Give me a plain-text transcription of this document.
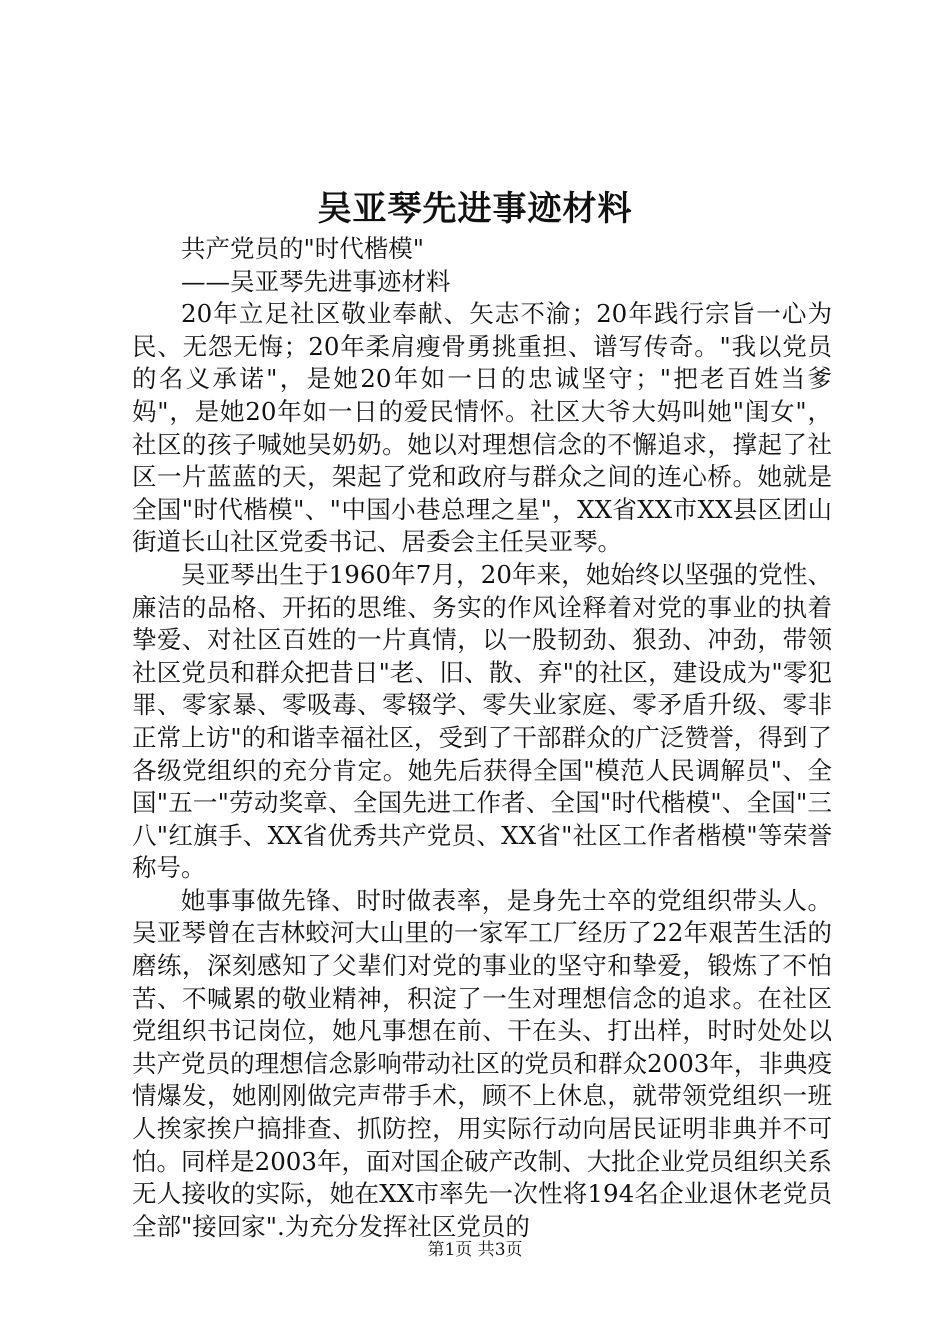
吴亚琴先进事迹材料

共产党员的"时代楷模"

——吴亚琴先进事迹材料

20年立足社区敬业奉献、矢志不渝；20年践行宗旨一心为民、无怨无悔；20年柔肩瘦骨勇挑重担、谱写传奇。"我以党员的名义承诺"，是她20年如一日的忠诚坚守；"把老百姓当爹妈"，是她20年如一日的爱民情怀。社区大爷大妈叫她"闺女"，社区的孩子喊她吴奶奶。她以对理想信念的不懈追求，撑起了社区一片蓝蓝的天，架起了党和政府与群众之间的连心桥。她就是全国"时代楷模"、"中国小巷总理之星"，XX省XX市XX县区团山街道长山社区党委书记、居委会主任吴亚琴。

吴亚琴出生于1960年7月，20年来，她始终以坚强的党性、廉洁的品格、开拓的思维、务实的作风诠释着对党的事业的执着挚爱、对社区百姓的一片真情，以一股韧劲、狠劲、冲劲，带领社区党员和群众把昔日"老、旧、散、弃"的社区，建设成为"零犯罪、零家暴、零吸毒、零辍学、零失业家庭、零矛盾升级、零非正常上访"的和谐幸福社区，受到了干部群众的广泛赞誉，得到了各级党组织的充分肯定。她先后获得全国"模范人民调解员"、全国"五一"劳动奖章、全国先进工作者、全国"时代楷模"、全国"三八"红旗手、XX省优秀共产党员、XX省"社区工作者楷模"等荣誉称号。

她事事做先锋、时时做表率，是身先士卒的党组织带头人。吴亚琴曾在吉林蛟河大山里的一家军工厂经历了22年艰苦生活的磨练，深刻感知了父辈们对党的事业的坚守和挚爱，锻炼了不怕苦、不喊累的敬业精神，积淀了一生对理想信念的追求。在社区党组织书记岗位，她凡事想在前、干在头、打出样，时时处处以共产党员的理想信念影响带动社区的党员和群众2003年，非典疫情爆发，她刚刚做完声带手术，顾不上休息，就带领党组织一班人挨家挨户搞排查、抓防控，用实际行动向居民证明非典并不可怕。同样是2003年，面对国企破产改制、大批企业党员组织关系无人接收的实际，她在XX市率先一次性将194名企业退休老党员全部"接回家".为充分发挥社区党员的

第1页 共3页
